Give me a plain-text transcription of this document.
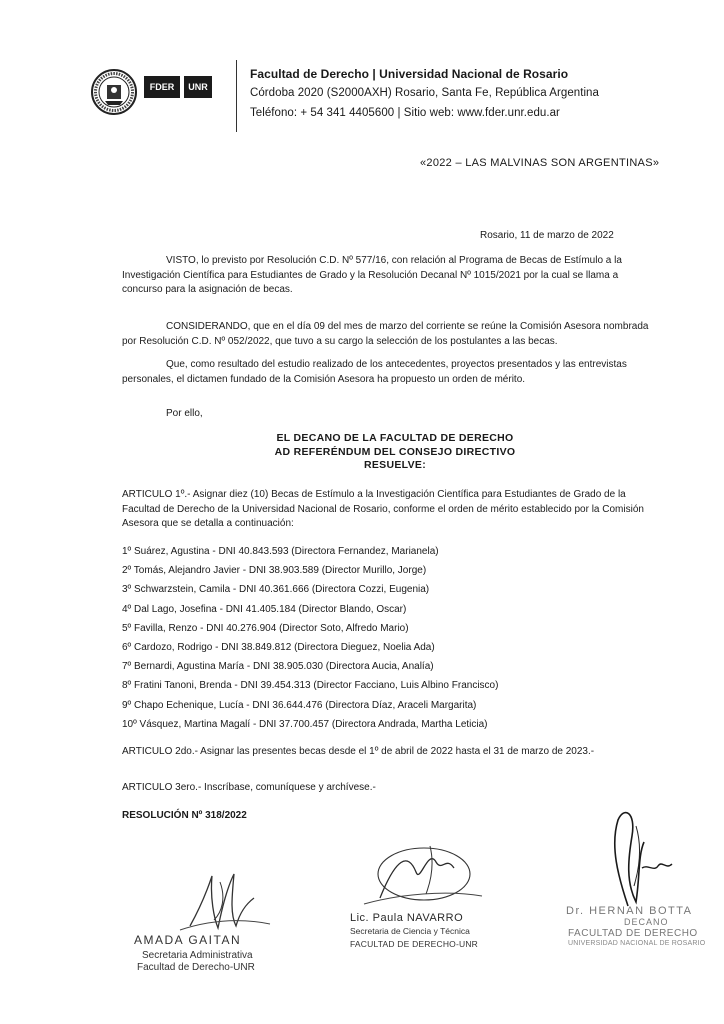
FDER	UNR
Facultad de Derecho | Universidad Nacional de Rosario
Córdoba 2020 (S2000AXH) Rosario, Santa Fe, República Argentina
Teléfono: + 54 341 4405600 | Sitio web: www.fder.unr.edu.ar
«2022 – LAS MALVINAS SON ARGENTINAS»
Rosario, 11 de marzo de 2022
VISTO, lo previsto por Resolución C.D. Nº 577/16, con relación al Programa de Becas de Estímulo a la Investigación Científica para Estudiantes de Grado y la Resolución Decanal Nº 1015/2021 por la cual se llama a concurso para la asignación de becas.
CONSIDERANDO, que en el día 09 del mes de marzo del corriente se reúne la Comisión Asesora nombrada por Resolución C.D. Nº 052/2022, que tuvo a su cargo la selección de los postulantes a las becas.
Que, como resultado del estudio realizado de los antecedentes, proyectos presentados y las entrevistas personales, el dictamen fundado de la Comisión Asesora ha propuesto un orden de mérito.
Por ello,
EL DECANO DE LA FACULTAD DE DERECHO
AD REFERÉNDUM DEL CONSEJO DIRECTIVO
RESUELVE:
ARTICULO 1º.- Asignar diez (10) Becas de Estímulo a la Investigación Científica para Estudiantes de Grado de la Facultad de Derecho de la Universidad Nacional de Rosario, conforme el orden de mérito establecido por la Comisión Asesora que se detalla a continuación:
1º Suárez, Agustina - DNI 40.843.593 (Directora Fernandez, Marianela)
2º Tomás, Alejandro Javier - DNI 38.903.589 (Director Murillo, Jorge)
3º Schwarzstein, Camila - DNI 40.361.666 (Directora Cozzi, Eugenia)
4º Dal Lago, Josefina - DNI 41.405.184 (Director Blando, Oscar)
5º Favilla, Renzo - DNI 40.276.904 (Director Soto, Alfredo Mario)
6º Cardozo, Rodrigo - DNI 38.849.812 (Directora Dieguez, Noelia Ada)
7º Bernardi, Agustina María - DNI 38.905.030 (Directora Aucia, Analía)
8º Fratini Tanoni, Brenda - DNI 39.454.313 (Director Facciano, Luis Albino Francisco)
9º Chapo Echenique, Lucía - DNI 36.644.476 (Directora Díaz, Araceli Margarita)
10º Vásquez, Martina Magalí - DNI 37.700.457 (Directora Andrada, Martha Leticia)
ARTICULO 2do.- Asignar las presentes becas desde el 1º de abril de 2022 hasta el 31 de marzo de 2023.-
ARTICULO 3ero.- Inscríbase, comuníquese y archívese.-
RESOLUCIÓN Nº 318/2022
AMADA GAITAN
Secretaria Administrativa
Facultad de Derecho-UNR
Lic. Paula NAVARRO
Secretaria de Ciencia y Técnica
FACULTAD DE DERECHO-UNR
Dr. HERNAN BOTTA
DECANO
FACULTAD DE DERECHO
UNIVERSIDAD NACIONAL DE ROSARIO
